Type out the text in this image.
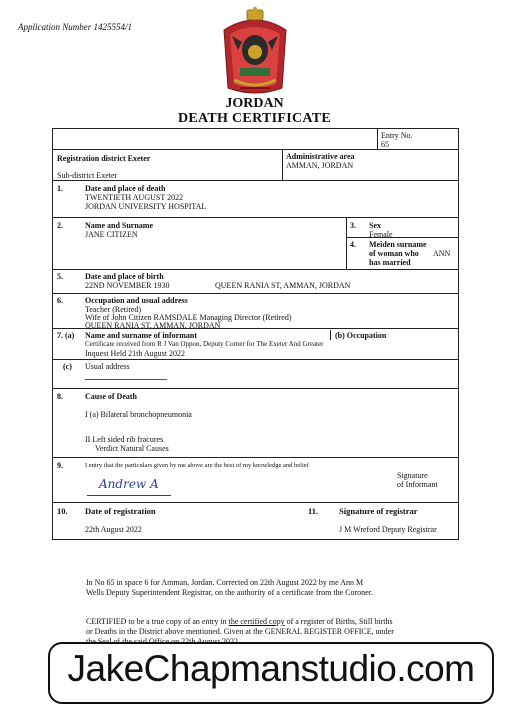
Application Number 1425554/1
JORDAN
DEATH CERTIFICATE
Entry No.
65
Registration district Exeter	Administrative area
AMMAN, JORDAN
Sub-district Exeter
1.	Date and place of death
TWENTIETH AUGUST 2022
JORDAN UNIVERSITY HOSPITAL
2.	Name and Surname
JANE CITIZEN
3. Sex
Female
4. Meiden surname
of woman who
has married
ANN
5.	Date and place of birth
22ND NOVEMBER 1930	QUEEN RANIA ST, AMMAN, JORDAN
6.	Occupation and usual address
Teacher (Retired)
Wife of John Citizen RAMSDALE Managing Director (Retired)
QUEEN RANIA ST, AMMAN, JORDAN
7. (a) Name and surname of informant	(b) Occupation
Certificate received from R J Van Oppon, Deputy Corner for The Exeter And Greater
Inquest Held 21th August 2022
(c) Usual address
8.	Cause of Death
I (a) Bilateral bronchopneumonia
II Left sided rib fracures
Verdict Natural Causes
9.	I entry that the particulars given by me above are the best of my knowledge and belief
Signature
of Informant
Andrew A
10. Date of registration
22th August 2022
11. Signature of registrar
J M Wreford Deputy Registrar
In No 65 in space 6 for Amman, Jordan. Corrected on 22th August 2022 by me Ann M
Wells Deputy Superintendent Registrar, on the authority of a certificate from the Coroner.
CERTIFIED to be a true copy of an entry in the certified copy of a register of Births, Still births
or Deaths in the District above mentioned. Given at the GENERAL REGISTER OFFICE, under
JakeChapmanstudio.com
